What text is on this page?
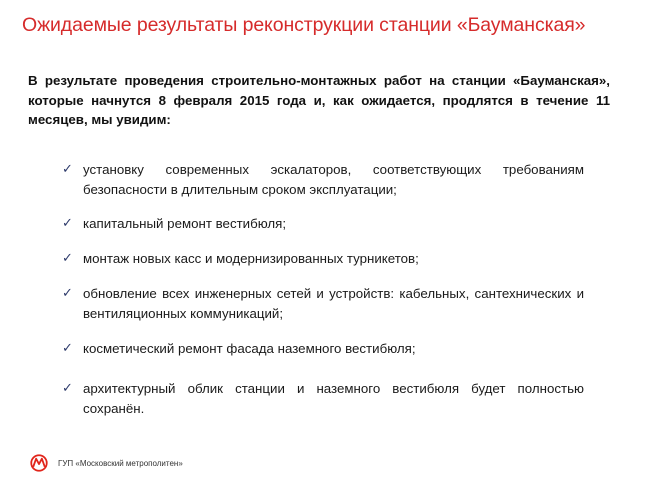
Ожидаемые результаты реконструкции станции «Бауманская»
В результате проведения строительно-монтажных работ на станции «Бауманская», которые начнутся 8 февраля 2015 года и, как ожидается, продлятся в течение 11 месяцев, мы увидим:
✓ установку современных эскалаторов, соответствующих требованиям безопасности в длительным сроком эксплуатации;
✓ капитальный ремонт вестибюля;
✓ монтаж новых касс и модернизированных турникетов;
✓ обновление всех инженерных сетей и устройств: кабельных, сантехнических и вентиляционных коммуникаций;
✓ косметический ремонт фасада наземного вестибюля;
✓ архитектурный облик станции и наземного вестибюля будет полностью сохранён.
ГУП «Московский метрополитен»
